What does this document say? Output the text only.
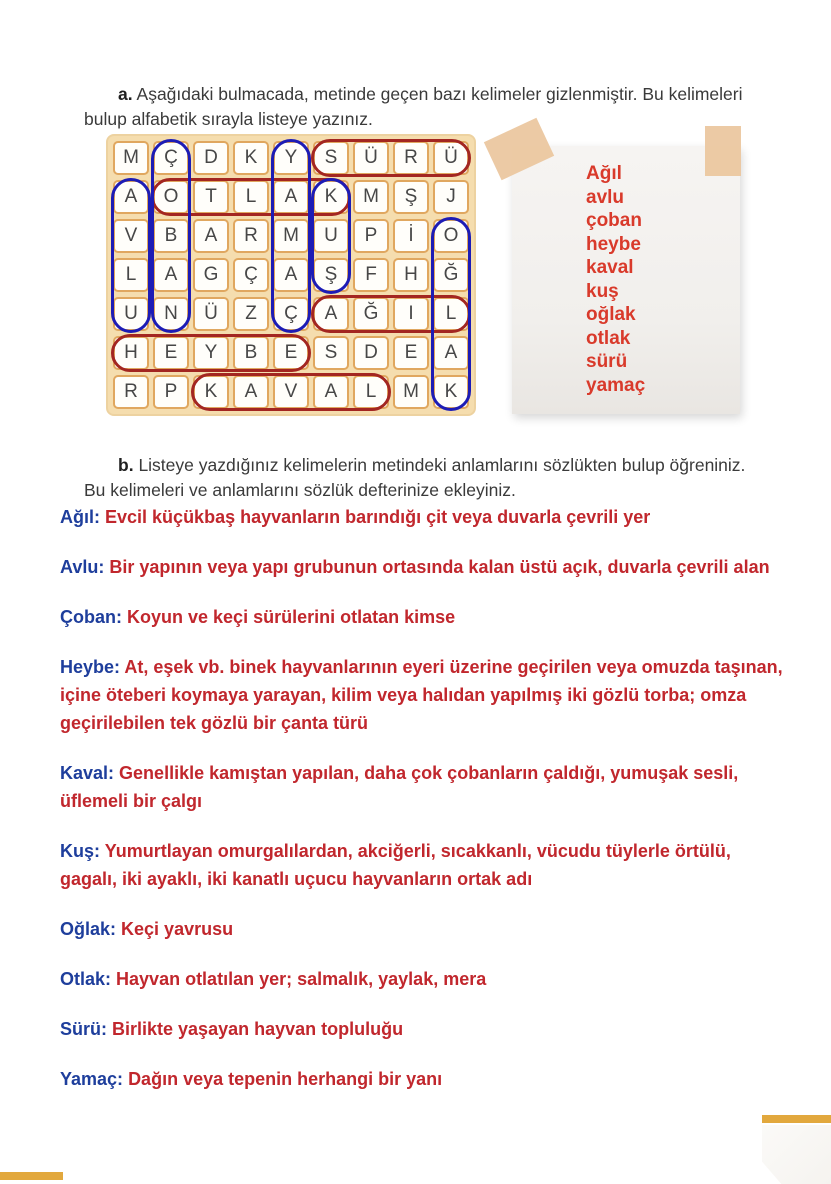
a. Aşağıdaki bulmacada, metinde geçen bazı kelimeler gizlenmiştir. Bu kelimeleri bulup alfabetik sırayla listeye yazınız.

M	Ç	D	K	Y	S	Ü	R	Ü
A	O	T	L	A	K	M	Ş	J
V	B	A	R	M	U	P	İ	O
L	A	G	Ç	A	Ş	F	H	Ğ
U	N	Ü	Z	Ç	A	Ğ	I	L
H	E	Y	B	E	S	D	E	A
R	P	K	A	V	A	L	M	K
Ağıl
avlu
çoban
heybe
kaval
kuş
oğlak
otlak
sürü
yamaç

b. Listeye yazdığınız kelimelerin metindeki anlamlarını sözlükten bulup öğreniniz. Bu kelimeleri ve anlamlarını sözlük defterinize ekleyiniz.

Ağıl: Evcil küçükbaş hayvanların barındığı çit veya duvarla çevrili yer

Avlu: Bir yapının veya yapı grubunun ortasında kalan üstü açık, duvarla çevrili alan

Çoban: Koyun ve keçi sürülerini otlatan kimse

Heybe: At, eşek vb. binek hayvanlarının eyeri üzerine geçirilen veya omuzda taşınan, içine öteberi koymaya yarayan, kilim veya halıdan yapılmış iki gözlü torba; omza geçirilebilen tek gözlü bir çanta türü

Kaval: Genellikle kamıştan yapılan, daha çok çobanların çaldığı, yumuşak sesli, üflemeli bir çalgı

Kuş: Yumurtlayan omurgalılardan, akciğerli, sıcakkanlı, vücudu tüylerle örtülü, gagalı, iki ayaklı, iki kanatlı uçucu hayvanların ortak adı

Oğlak: Keçi yavrusu

Otlak: Hayvan otlatılan yer; salmalık, yaylak, mera

Sürü: Birlikte yaşayan hayvan topluluğu

Yamaç: Dağın veya tepenin herhangi bir yanı
